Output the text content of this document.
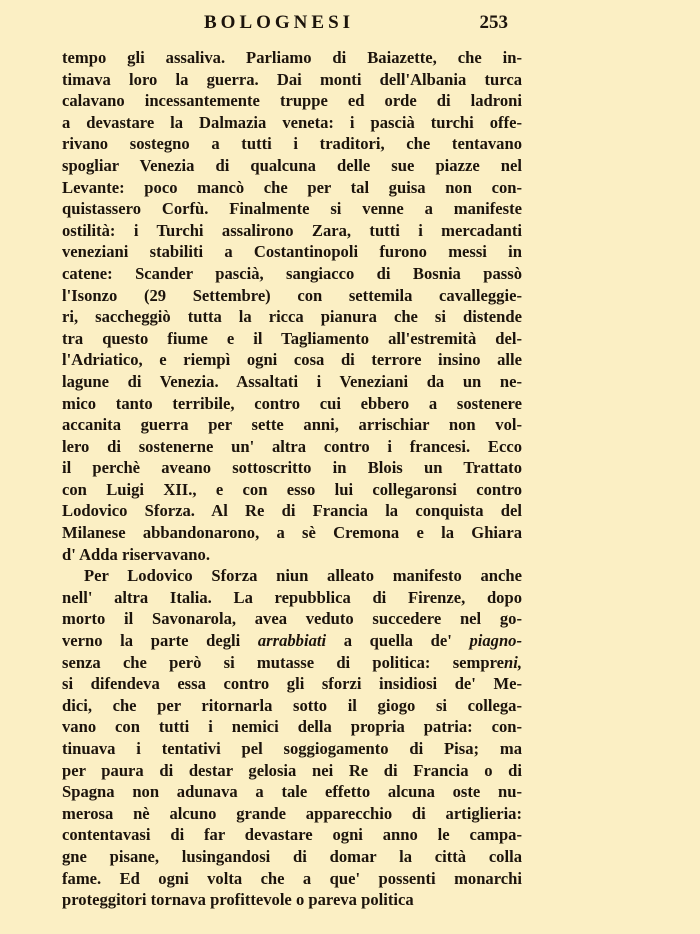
BOLOGNESI	253
tempo gli assaliva. Parliamo di Baiazette, che in-
timava loro la guerra. Dai monti dell'Albania turca
calavano incessantemente truppe ed orde di ladroni
a devastare la Dalmazia veneta: i pascià turchi offe-
rivano sostegno a tutti i traditori, che tentavano
spogliar Venezia di qualcuna delle sue piazze nel
Levante: poco mancò che per tal guisa non con-
quistassero Corfù. Finalmente si venne a manifeste
ostilità: i Turchi assalirono Zara, tutti i mercadanti
veneziani stabiliti a Costantinopoli furono messi in
catene: Scander pascià, sangiacco di Bosnia passò
l'Isonzo (29 Settembre) con settemila cavalleggie-
ri, saccheggiò tutta la ricca pianura che si distende
tra questo fiume e il Tagliamento all'estremità del-
l'Adriatico, e riempì ogni cosa di terrore insino alle
lagune di Venezia. Assaltati i Veneziani da un ne-
mico tanto terribile, contro cui ebbero a sostenere
accanita guerra per sette anni, arrischiar non vol-
lero di sostenerne un' altra contro i francesi. Ecco
il perchè aveano sottoscritto in Blois un Trattato
con Luigi XII., e con esso lui collegaronsi contro
Lodovico Sforza. Al Re di Francia la conquista del
Milanese abbandonarono, a sè Cremona e la Ghiara
d' Adda riservavano.
Per Lodovico Sforza niun alleato manifesto anche
nell' altra Italia. La repubblica di Firenze, dopo
morto il Savonarola, avea veduto succedere nel go-
verno la parte degli arrabbiati a quella de' piagno-
senza che però si mutasse di politica: sempreni,
si difendeva essa contro gli sforzi insidiosi de' Me-
dici, che per ritornarla sotto il giogo si collega-
vano con tutti i nemici della propria patria: con-
tinuava i tentativi pel soggiogamento di Pisa; ma
per paura di destar gelosia nei Re di Francia o di
Spagna non adunava a tale effetto alcuna oste nu-
merosa nè alcuno grande apparecchio di artiglieria:
contentavasi di far devastare ogni anno le campa-
gne pisane, lusingandosi di domar la città colla
fame. Ed ogni volta che a que' possenti monarchi
proteggitori tornava profittevole o pareva politica
